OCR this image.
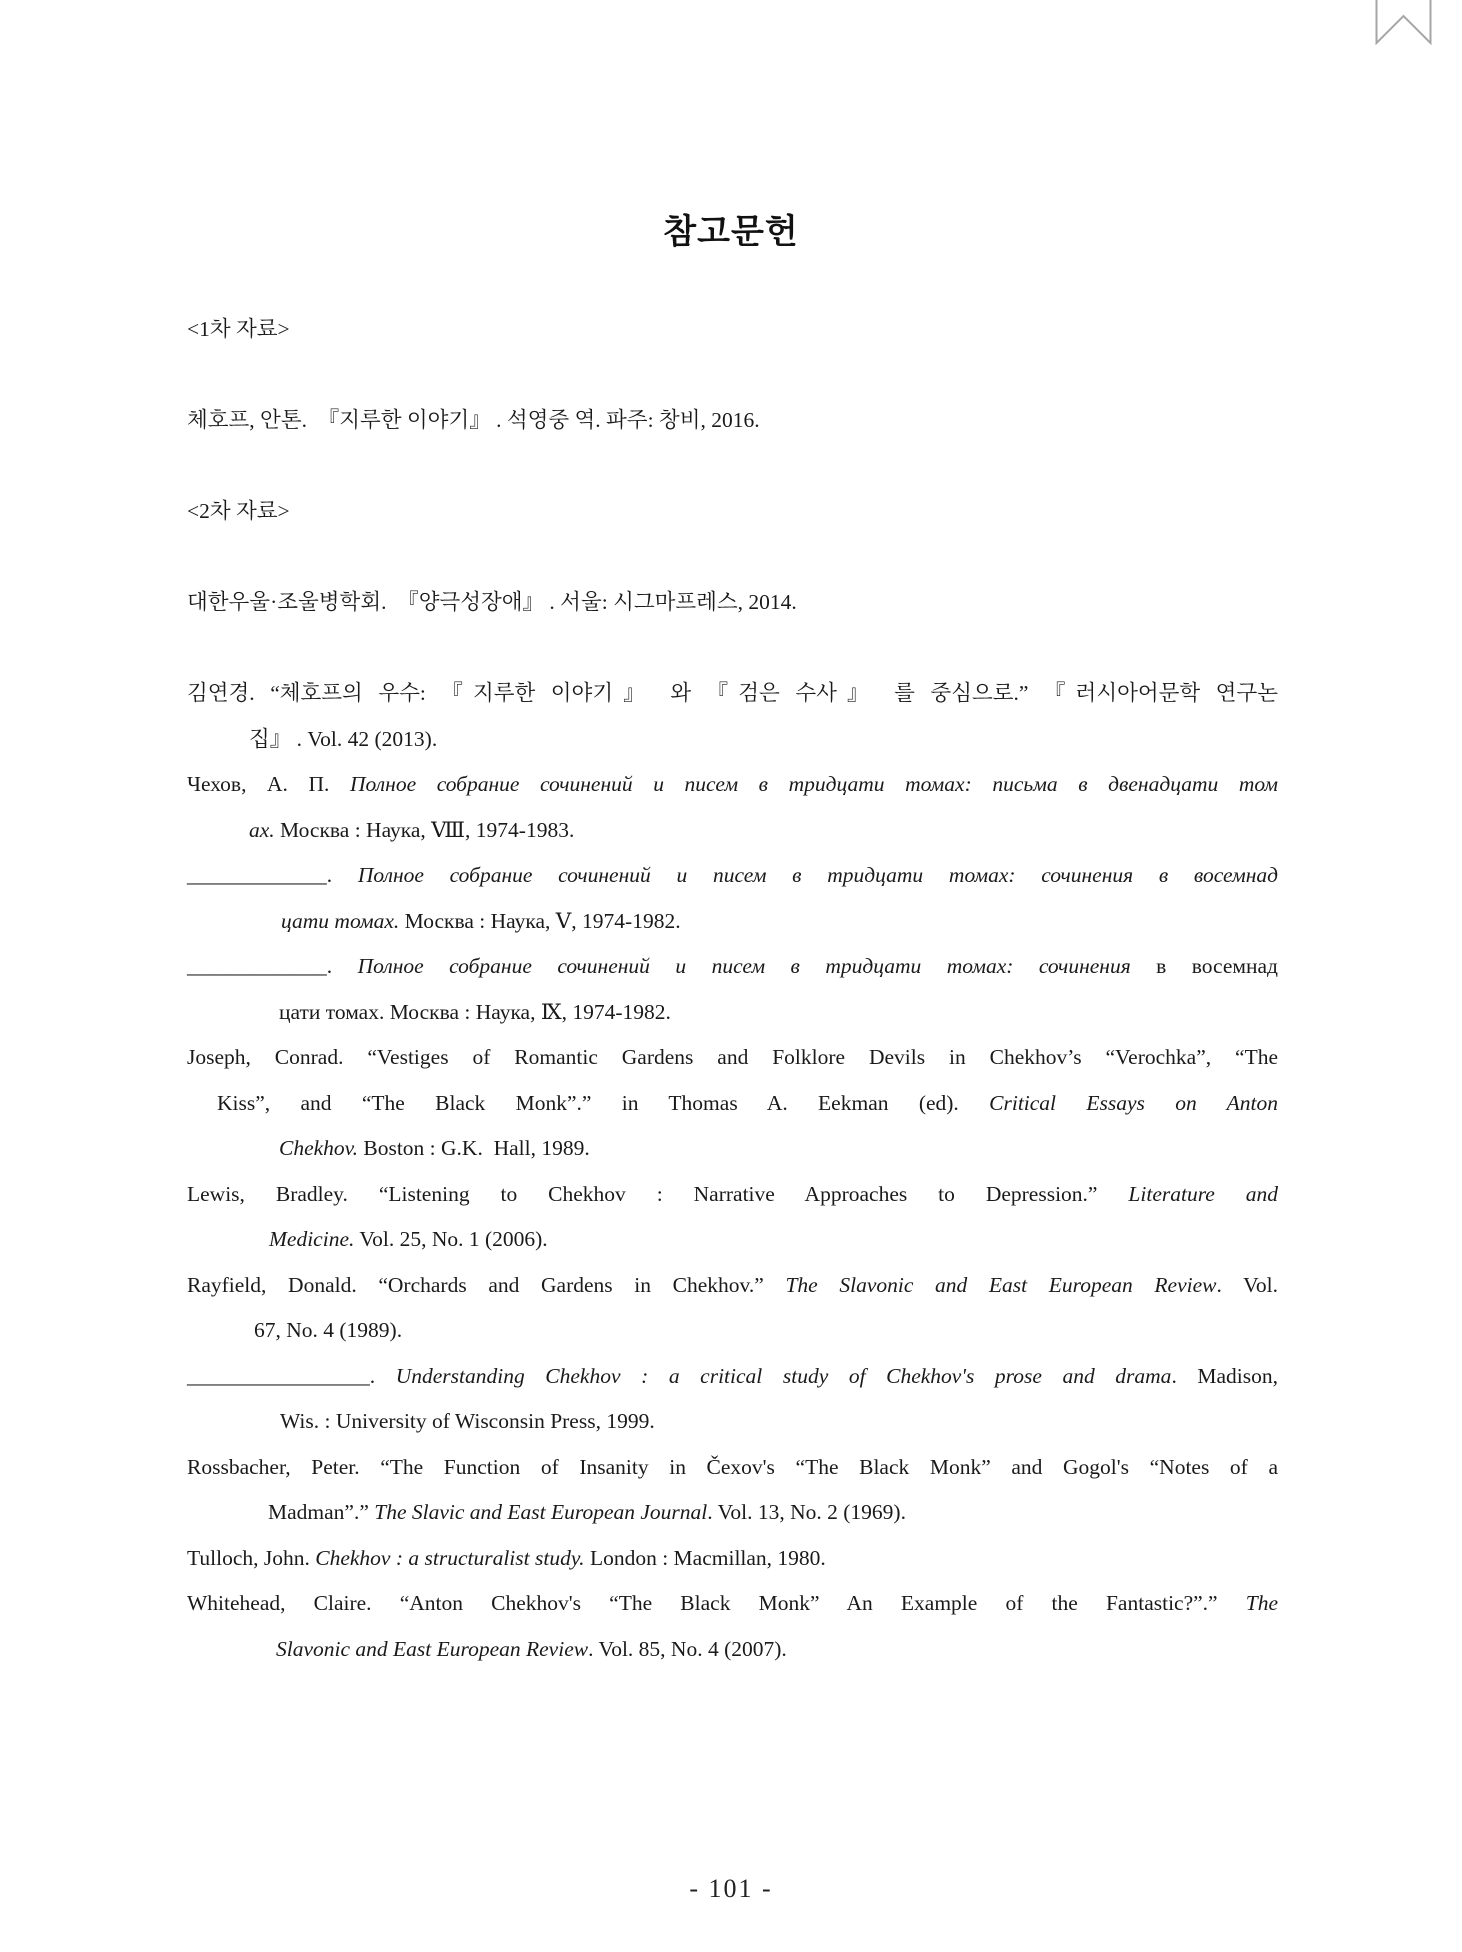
참고문헌
<1차 자료>
체호프, 안톤.  『지루한 이야기』 . 석영중 역. 파주: 창비, 2016.
<2차 자료>
대한우울·조울병학회.  『양극성장애』 . 서울: 시그마프레스, 2014.
김연경. “체호프의 우수: 『지루한 이야기』 와 『검은 수사』 를 중심으로.” 『러시아어문학 연구논
집』 . Vol. 42 (2013).
Чехов, А. П. Полное собрание сочинений и писем в тридцати томах: письма в двенадцати том
ах. Москва : Наука, Ⅷ, 1974-1983.
_____________. Полное собрание сочинений и писем в тридцати томах: сочинения в восемнад
цати томах. Москва : Наука, Ⅴ, 1974-1982.
_____________. Полное собрание сочинений и писем в тридцати томах: сочинения в восемнад
цати томах. Москва : Наука, Ⅸ, 1974-1982.
Joseph, Conrad. “Vestiges of Romantic Gardens and Folklore Devils in Chekhov’s “Verochka”, “The
Kiss”, and “The Black Monk”.” in Thomas A. Eekman (ed). Critical Essays on Anton
Chekhov. Boston : G.K.  Hall, 1989.
Lewis, Bradley. “Listening to Chekhov : Narrative Approaches to Depression.” Literature and
Medicine. Vol. 25, No. 1 (2006).
Rayfield, Donald. “Orchards and Gardens in Chekhov.” The Slavonic and East European Review. Vol.
67, No. 4 (1989).
_________________. Understanding Chekhov : a critical study of Chekhov's prose and drama. Madison,
Wis. : University of Wisconsin Press, 1999.
Rossbacher, Peter. “The Function of Insanity in Čexov's “The Black Monk” and Gogol's “Notes of a
Madman”.” The Slavic and East European Journal. Vol. 13, No. 2 (1969).
Tulloch, John. Chekhov : a structuralist study. London : Macmillan, 1980.
Whitehead, Claire. “Anton Chekhov's “The Black Monk” An Example of the Fantastic?”.” The
Slavonic and East European Review. Vol. 85, No. 4 (2007).
- 101 -
